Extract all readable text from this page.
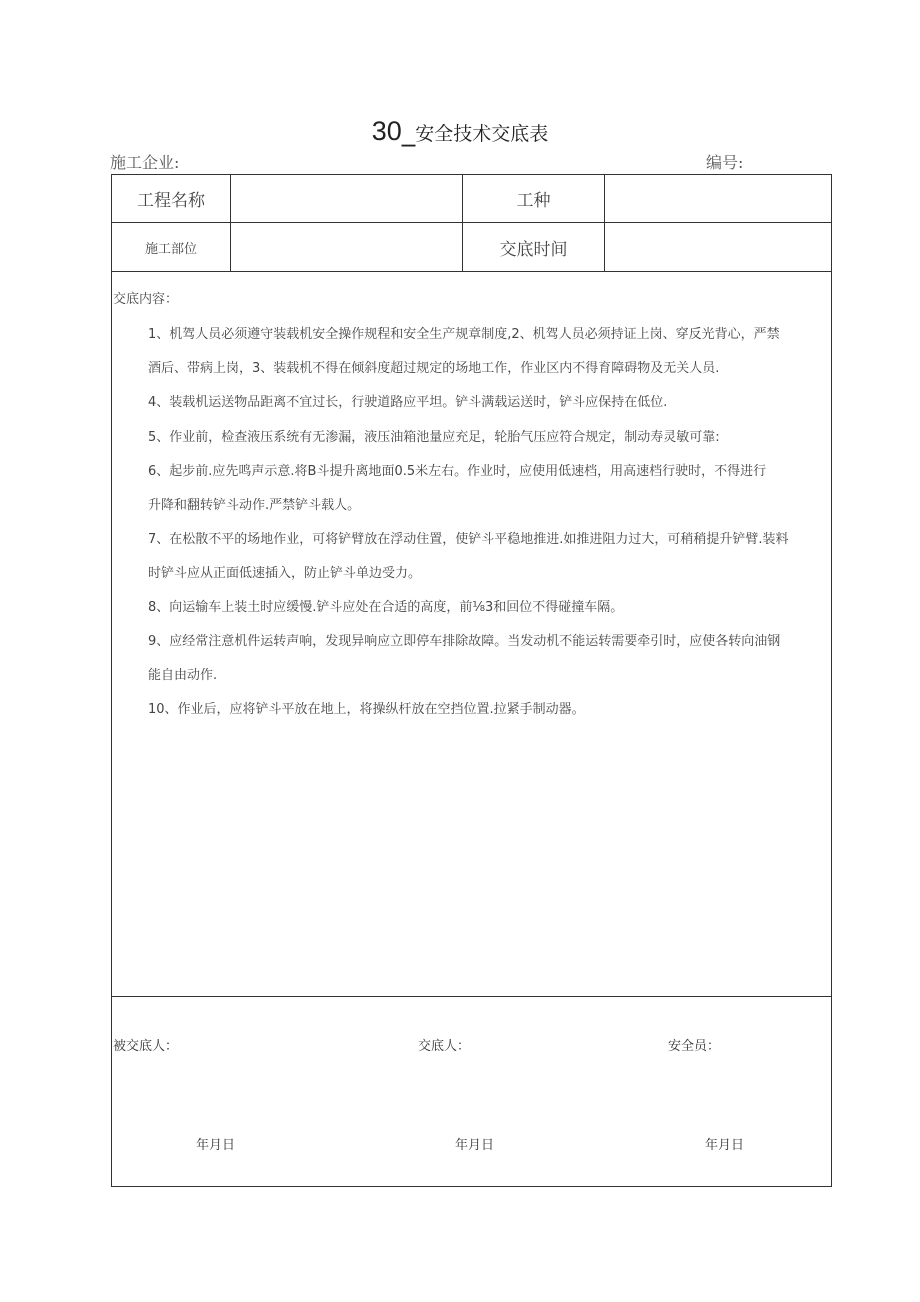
30_安全技术交底表
施工企业:	编号:
工程名称	工种
施工部位	交底时间
交底内容：
1、机驾人员必须遵守装载机安全操作规程和安全生产规章制度,2、机驾人员必须持证上岗、穿反光背心，严禁
酒后、带病上岗，3、装载机不得在倾斜度超过规定的场地工作，作业区内不得育障碍物及无关人员.
4、装载机运送物品距离不宜过长，行驶道路应平坦。铲斗满载运送时，铲斗应保持在低位.
5、作业前，检查液压系统有无渗漏，液压油箱池量应充足，轮胎气压应符合规定，制动寿灵敏可靠:
6、起步前.应先鸣声示意.将B斗提升离地面0.5米左右。作业时，应使用低速档，用高速档行驶时，不得进行
升降和翻转铲斗动作.严禁铲斗载人。
7、在松散不平的场地作业，可将铲臂放在浮动住置，使铲斗平稳地推进.如推进阻力过大，可稍稍提升铲臂.装料
时铲斗应从正面低速插入，防止铲斗单边受力。
8、向运输车上装土时应缓慢.铲斗应处在合适的高度，前⅛3和回位不得碰撞车隔。
9、应经常注意机件运转声响，发现异响应立即停车排除故障。当发动机不能运转需要牵引时，应使各转向油钢
能自由动作.
10、作业后，应将铲斗平放在地上，将操纵杆放在空挡位置.拉紧手制动器。
被交底人：	交底人：	安全员：
年月日	年月日	年月日
